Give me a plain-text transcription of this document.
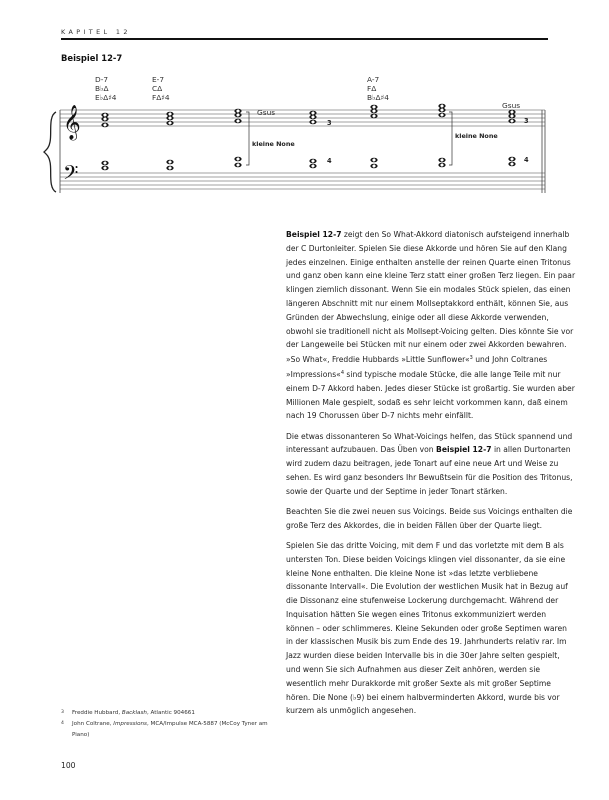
KAPITEL 12
Beispiel 12-7
𝄞
𝄢
D-7
B♭Δ
E♭Δ♯4
E-7
CΔ
FΔ♯4
Gsus
A-7
FΔ
B♭Δ♯4
Gsus
3
4
3
4
kleine None
kleine None

Beispiel 12-7 zeigt den So What-Akkord diatonisch aufsteigend innerhalb der C Durtonleiter. Spielen Sie diese Akkorde und hören Sie auf den Klang jedes einzelnen. Einige enthalten anstelle der reinen Quarte einen Tritonus und ganz oben kann eine kleine Terz statt einer großen Terz liegen. Ein paar klingen ziemlich dissonant. Wenn Sie ein modales Stück spielen, das einen längeren Abschnitt mit nur einem Mollseptakkord enthält, können Sie, aus Gründen der Abwechslung, einige oder all diese Akkorde verwenden, obwohl sie traditionell nicht als Mollsept-Voicing gelten. Dies könnte Sie vor der Langeweile bei Stücken mit nur einem oder zwei Akkorden bewahren. »So What«, Freddie Hubbards »Little Sunflower«$^3$ und John Coltranes »Impressions«$^4$ sind typische modale Stücke, die alle lange Teile mit nur einem D-7 Akkord haben. Jedes dieser Stücke ist großartig. Sie wurden aber Millionen Male gespielt, sodaß es sehr leicht vorkommen kann, daß einem nach 19 Chorussen über D-7 nichts mehr einfällt.

Die etwas dissonanteren So What-Voicings helfen, das Stück spannend und interessant aufzubauen. Das Üben von Beispiel 12-7 in allen Durtonarten wird zudem dazu beitragen, jede Tonart auf eine neue Art und Weise zu sehen. Es wird ganz besonders Ihr Bewußtsein für die Position des Tritonus, sowie der Quarte und der Septime in jeder Tonart stärken.

Beachten Sie die zwei neuen sus Voicings. Beide sus Voicings enthalten die große Terz des Akkordes, die in beiden Fällen über der Quarte liegt.

Spielen Sie das dritte Voicing, mit dem F und das vorletzte mit dem B als untersten Ton. Diese beiden Voicings klingen viel dissonanter, da sie eine kleine None enthalten. Die kleine None ist »das letzte verbliebene dissonante Intervall«. Die Evolution der westlichen Musik hat in Bezug auf die Dissonanz eine stufenweise Lockerung durchgemacht. Während der Inquisation hätten Sie wegen eines Tritonus exkommuniziert werden können – oder schlimmeres. Kleine Sekunden oder große Septimen waren in der klassischen Musik bis zum Ende des 19. Jahrhunderts relativ rar. Im Jazz wurden diese beiden Intervalle bis in die 30er Jahre selten gespielt, und wenn Sie sich Aufnahmen aus dieser Zeit anhören, werden sie wesentlich mehr Durakkorde mit großer Sexte als mit großer Septime hören. Die None (♭9) bei einem halbverminderten Akkord, wurde bis vor kurzem als unmöglich angesehen.

3 Freddie Hubbard, Backlash, Atlantic 904661
4 John Coltrane, Impressions, MCA/Impulse MCA-5887 (McCoy Tyner am Piano)
100
